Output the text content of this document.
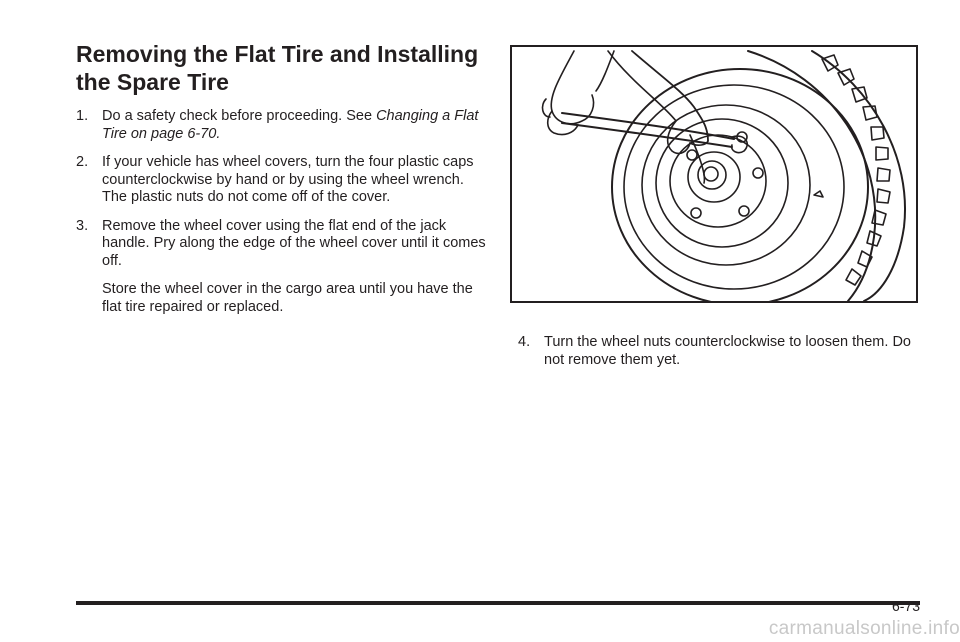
Removing the Flat Tire and Installing the Spare Tire
1. Do a safety check before proceeding. See Changing a Flat Tire on page 6-70.

2. If your vehicle has wheel covers, turn the four plastic caps counterclockwise by hand or by using the wheel wrench. The plastic nuts do not come off of the cover.

3. Remove the wheel cover using the flat end of the jack handle. Pry along the edge of the wheel cover until it comes off.

Store the wheel cover in the cargo area until you have the flat tire repaired or replaced.

4. Turn the wheel nuts counterclockwise to loosen them. Do not remove them yet.

6-73
carmanualsonline.info
